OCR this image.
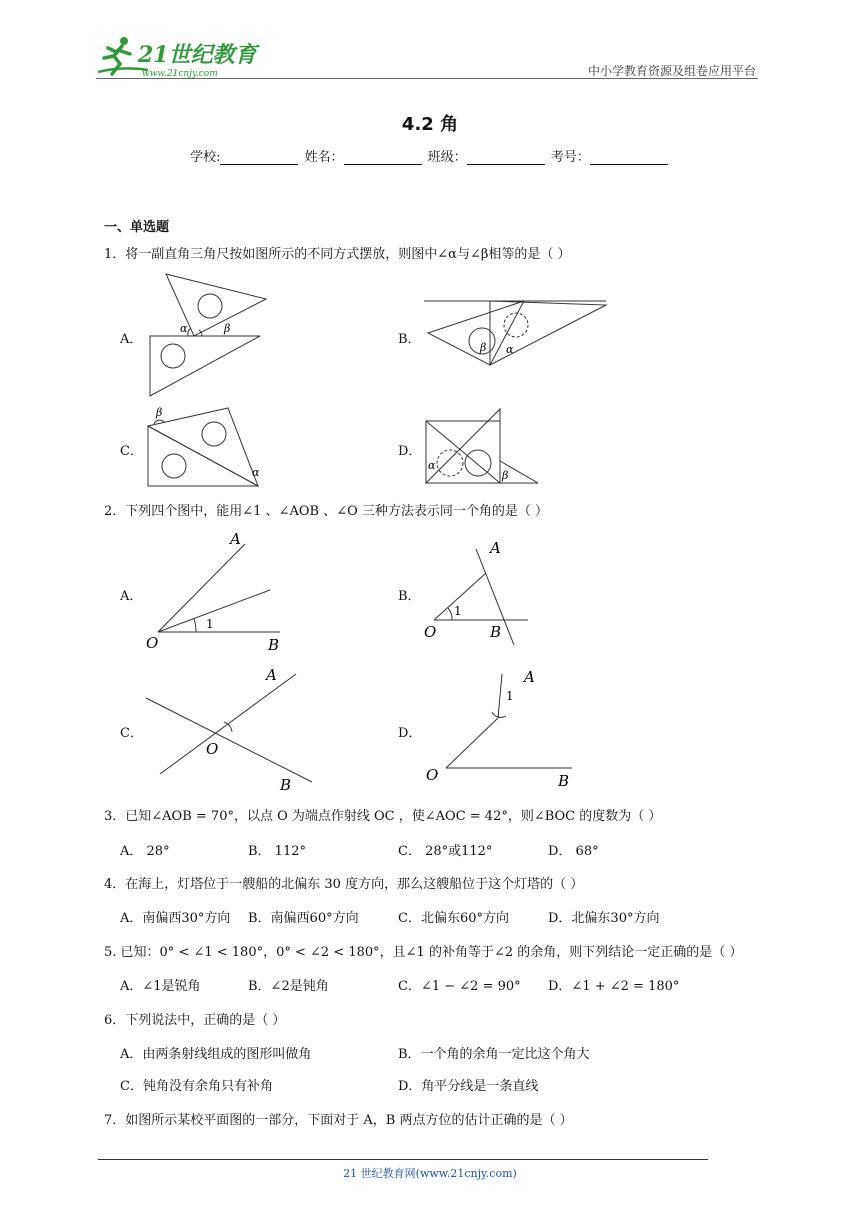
21世纪教育
www.21cnjy.com	中小学教育资源及组卷应用平台
4.2 角
学校:	姓名：	班级：	考号：
一、单选题
1．将一副直角三角尺按如图所示的不同方式摆放，则图中∠α与∠β相等的是（ ）
A．
α	β
B．
β α
C．
β
α
D．
α
β
2．下列四个图中，能用∠1 、∠AOB 、∠O 三种方法表示同一个角的是（ ）
A．
1
O	B
A
B．
1
O	B
A
C．
O
A
B
D．
1
O
A
B
3．已知∠AOB = 70°，以点 O 为端点作射线 OC ，使∠AOC = 42°，则∠BOC 的度数为（ ）
A． 28°	B． 112°	C． 28°或112°	D． 68°
4．在海上，灯塔位于一艘船的北偏东 30 度方向，那么这艘船位于这个灯塔的（ ）
A．南偏西30°方向 B．南偏西60°方向	C．北偏东60°方向	D．北偏东30°方向
5. 已知：0° < ∠1 < 180°，0° < ∠2 < 180°，且∠1 的补角等于∠2 的余角，则下列结论一定正确的是（ ）
A．∠1是锐角	B．∠2是钝角	C．∠1 − ∠2 = 90° D．∠1 + ∠2 = 180°
6．下列说法中，正确的是（ ）
A．由两条射线组成的图形叫做角	B．一个角的余角一定比这个角大
C．钝角没有余角只有补角	D．角平分线是一条直线
7．如图所示某校平面图的一部分，下面对于 A，B 两点方位的估计正确的是（ ）
21 世纪教育网(www.21cnjy.com)
